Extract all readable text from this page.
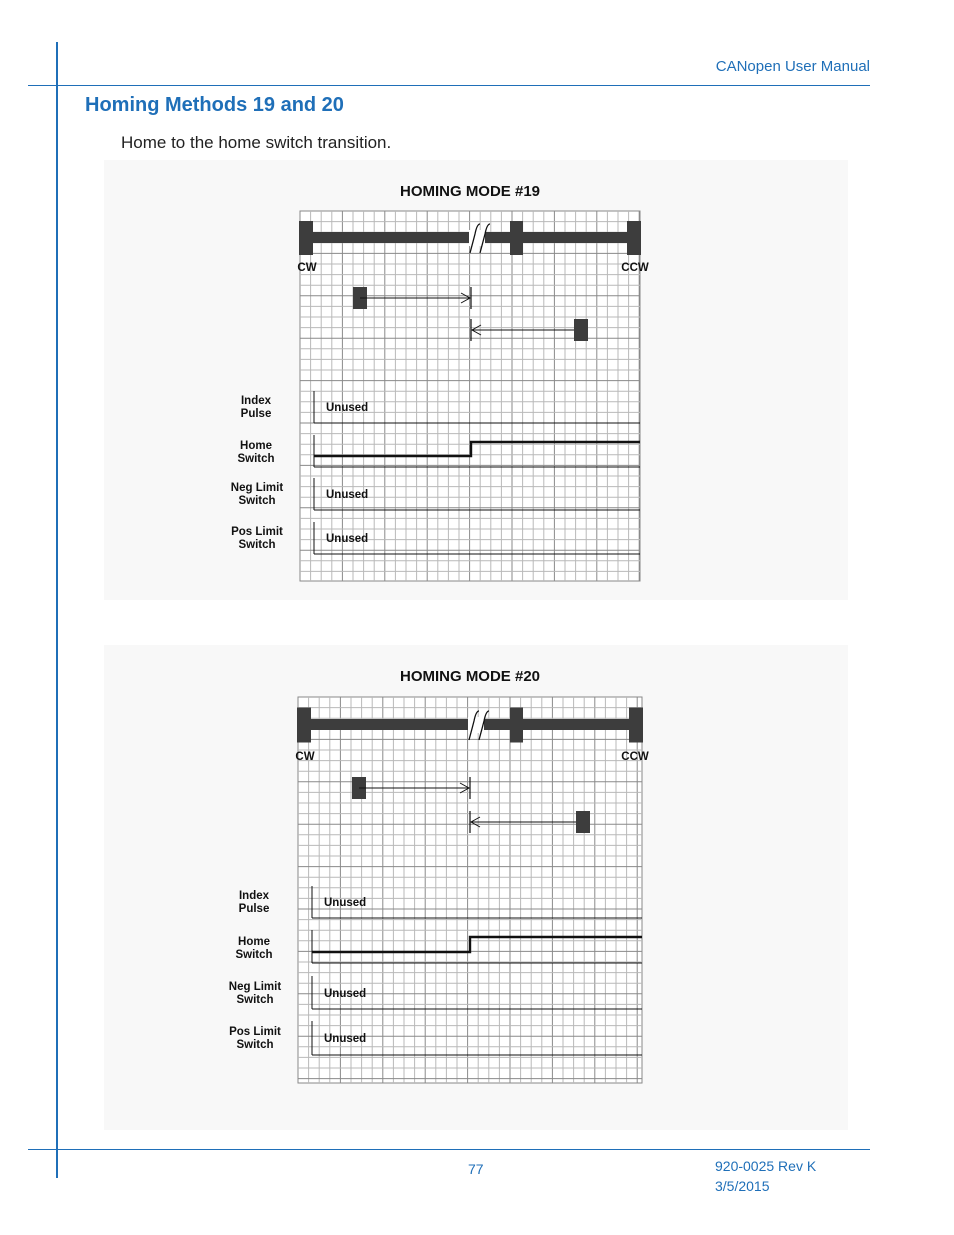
CANopen User Manual
Homing Methods 19 and 20
Home to the home switch transition.
HOMING MODE #19
CW	CCW
Index
Pulse	Unused
Home
Switch
Neg Limit
Switch	Unused
Pos Limit
Switch	Unused
HOMING MODE #20
CW	CCW
Index
Pulse	Unused
Home
Switch
Neg Limit
Switch	Unused
Pos Limit
Switch	Unused
77	920-0025 Rev K
3/5/2015
